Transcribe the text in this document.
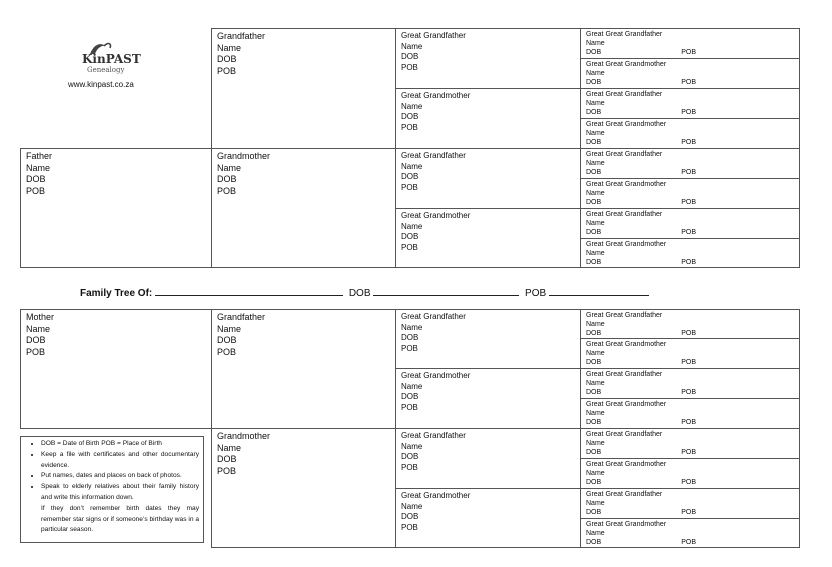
KinPAST
Genealogy
www.kinpast.co.za
Father
Name
DOB
POB
Grandfather
Name
DOB
POB
Grandmother
Name
DOB
POB
Great Grandfather
Name
DOB
POB
Great Grandmother
Name
DOB
POB
Great Grandfather
Name
DOB
POB
Great Grandmother
Name
DOB
POB
Great Great Grandfather
Name
DOB	POB
Great Great Grandmother
Name
DOB	POB
Great Great Grandfather
Name
DOB	POB
Great Great Grandmother
Name
DOB	POB
Great Great Grandfather
Name
DOB	POB
Great Great Grandmother
Name
DOB	POB
Great Great Grandfather
Name
DOB	POB
Great Great Grandmother
Name
DOB	POB
Family Tree Of:	DOB	POB
Mother
Name
DOB
POB
• DOB = Date of Birth POB = Place of Birth
• Keep a file with certificates and other documentary evidence.
• Put names, dates and places on back of photos.
• Speak to elderly relatives about their family history and write this information down.
If they don’t remember birth dates they may remember star signs or if someone’s birthday was in a particular season.
Grandfather
Name
DOB
POB
Grandmother
Name
DOB
POB
Great Grandfather
Name
DOB
POB
Great Grandmother
Name
DOB
POB
Great Grandfather
Name
DOB
POB
Great Grandmother
Name
DOB
POB
Great Great Grandfather
Name
DOB	POB
Great Great Grandmother
Name
DOB	POB
Great Great Grandfather
Name
DOB	POB
Great Great Grandmother
Name
DOB	POB
Great Great Grandfather
Name
DOB	POB
Great Great Grandmother
Name
DOB	POB
Great Great Grandfather
Name
DOB	POB
Great Great Grandmother
Name
DOB	POB
